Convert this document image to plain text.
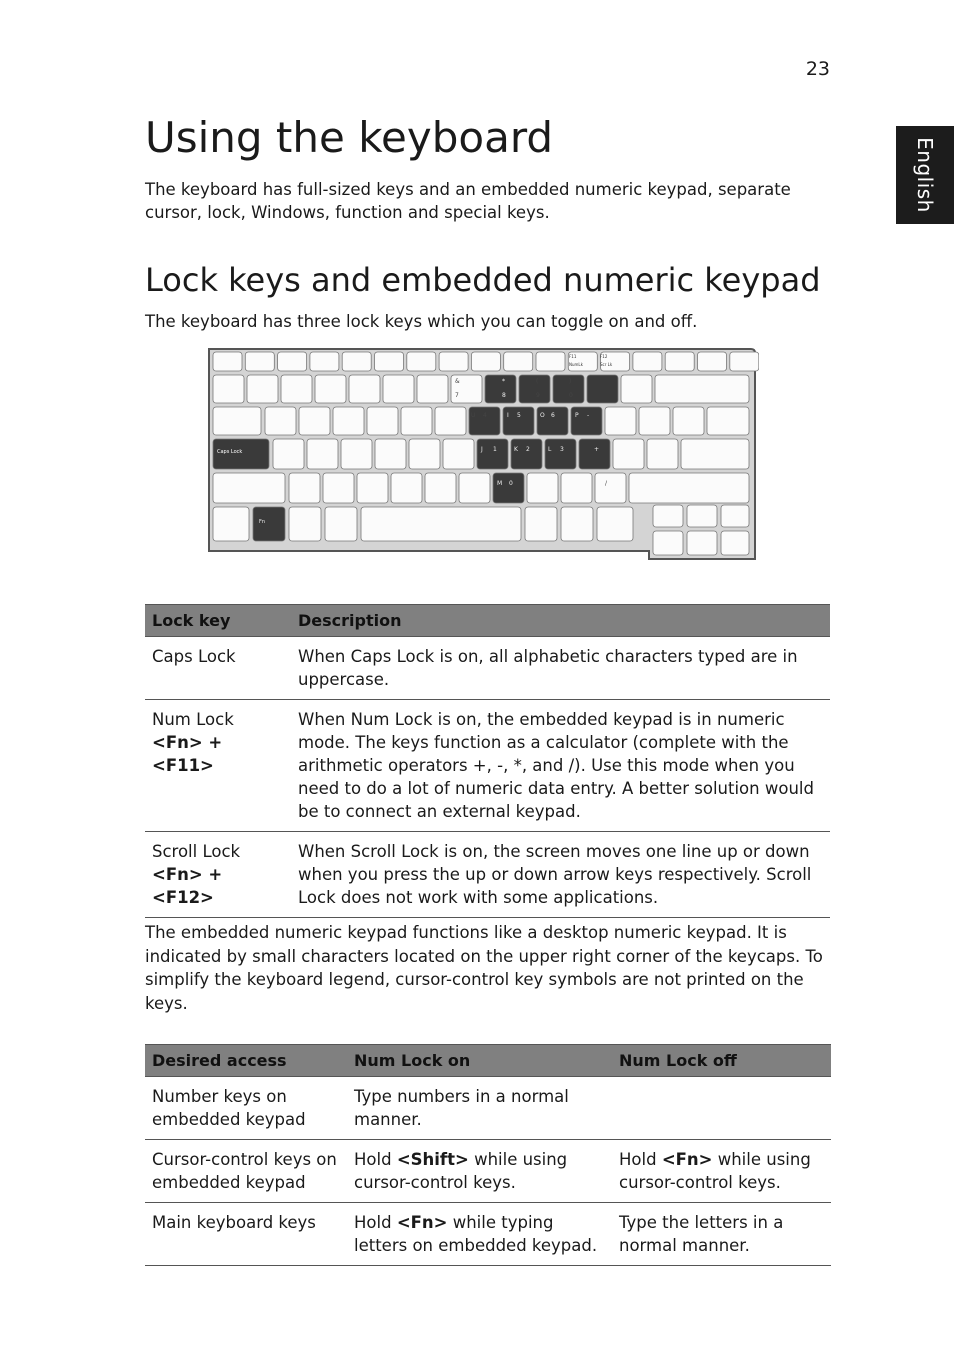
23
English
Using the keyboard

The keyboard has full-sized keys and an embedded numeric keypad, separate cursor, lock, Windows, function and special keys.

Lock keys and embedded numeric keypad

The keyboard has three lock keys which you can toggle on and off.

Caps Lock
Fn
F11
NumLk
F12
Scr Lk
&
7
*
8
(
9
)
0
U 4	I 5	O 6	P -
J 1	K 2	L 3	+
M 0	/
Lock key	Description
Caps Lock	When Caps Lock is on, all alphabetic characters typed are in uppercase.

Num Lock
<Fn> + <F11>	When Num Lock is on, the embedded keypad is in numeric mode. The keys function as a calculator (complete with the arithmetic operators +, -, *, and /). Use this mode when you need to do a lot of numeric data entry. A better solution would be to connect an external keypad.

Scroll Lock
<Fn> + <F12>	When Scroll Lock is on, the screen moves one line up or down when you press the up or down arrow keys respectively. Scroll Lock does not work with some applications.

The embedded numeric keypad functions like a desktop numeric keypad. It is indicated by small characters located on the upper right corner of the keycaps. To simplify the keyboard legend, cursor-control key symbols are not printed on the keys.

Desired access	Num Lock on	Num Lock off
Number keys on embedded keypad	Type numbers in a normal manner.	
Cursor-control keys on embedded keypad	Hold <Shift> while using cursor-control keys.	Hold <Fn> while using cursor-control keys.
Main keyboard keys	Hold <Fn> while typing letters on embedded keypad.	Type the letters in a normal manner.
